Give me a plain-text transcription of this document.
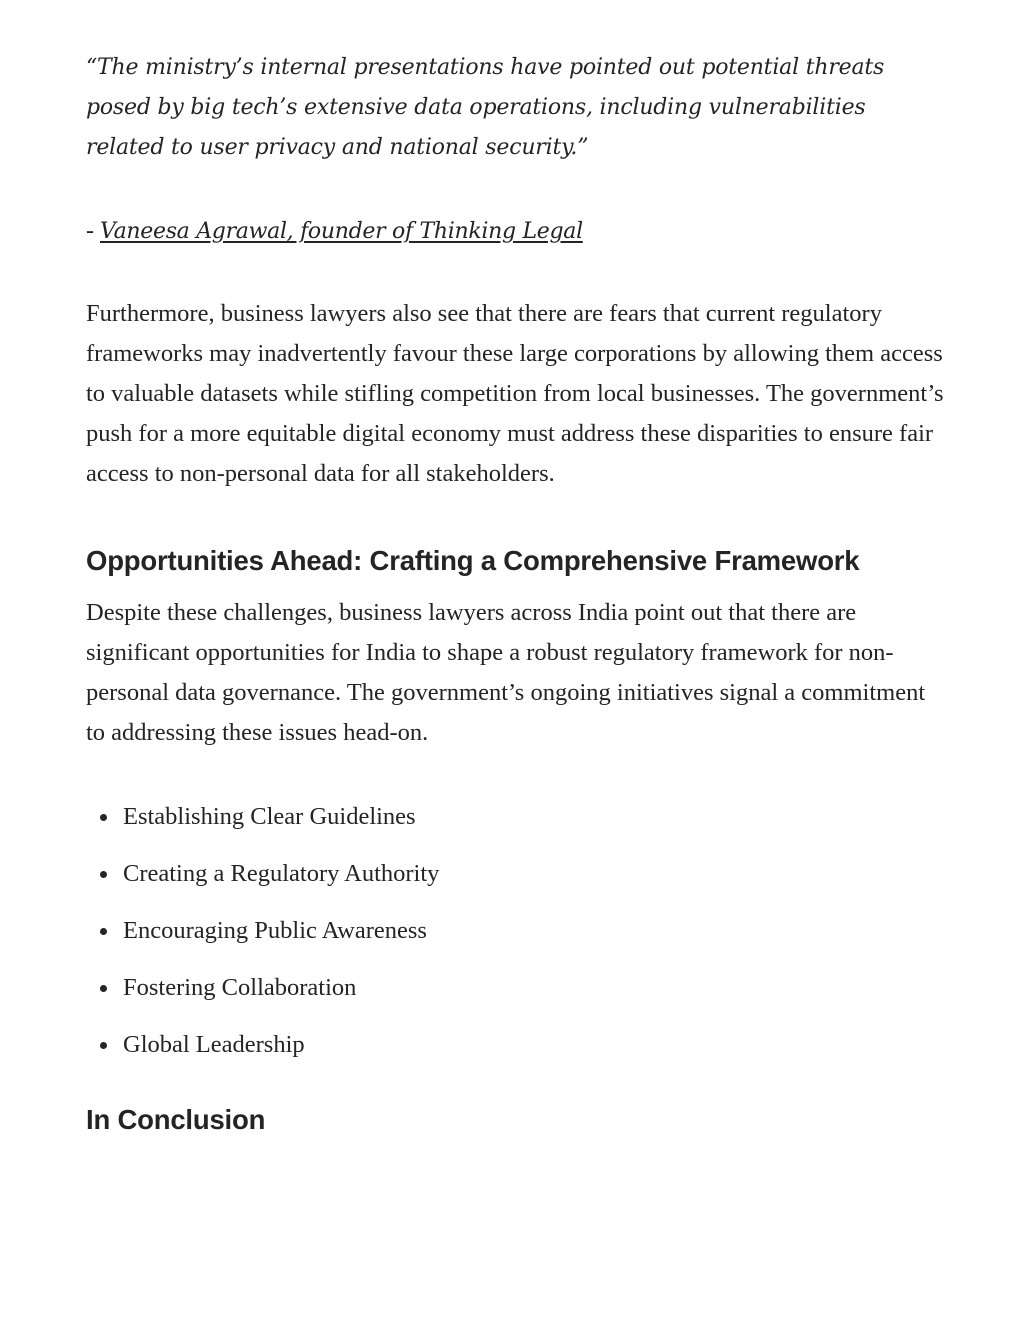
“The ministry’s internal presentations have pointed out potential threats posed by big tech’s extensive data operations, including vulnerabilities related to user privacy and national security.”

- Vaneesa Agrawal, founder of Thinking Legal

Furthermore, business lawyers also see that there are fears that current regulatory frameworks may inadvertently favour these large corporations by allowing them access to valuable datasets while stifling competition from local businesses. The government’s push for a more equitable digital economy must address these disparities to ensure fair access to non-personal data for all stakeholders.

Opportunities Ahead: Crafting a Comprehensive Framework

Despite these challenges, business lawyers across India point out that there are significant opportunities for India to shape a robust regulatory framework for non-personal data governance. The government’s ongoing initiatives signal a commitment to addressing these issues head-on.

Establishing Clear Guidelines
Creating a Regulatory Authority
Encouraging Public Awareness
Fostering Collaboration
Global Leadership
In Conclusion
